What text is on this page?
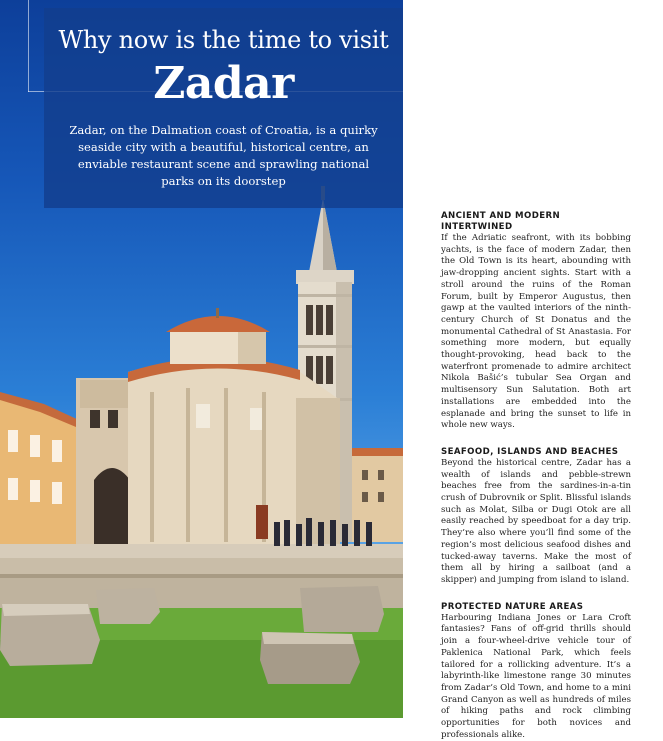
Why now is the time to visit
Zadar
Zadar, on the Dalmation coast of Croatia, is a quirky seaside city with a beautiful, historical centre, an enviable restaurant scene and sprawling national parks on its doorstep

ANCIENT AND MODERN INTERTWINED

If the Adriatic seafront, with its bobbing yachts, is the face of modern Zadar, then the Old Town is its heart, abounding with jaw-dropping ancient sights. Start with a stroll around the ruins of the Roman Forum, built by Emperor Augustus, then gawp at the vaulted interiors of the ninth-century Church of St Donatus and the monumental Cathedral of St Anastasia. For something more modern, but equally thought-provoking, head back to the waterfront promenade to admire architect Nikola Bašić’s tubular Sea Organ and multisensory Sun Salutation. Both art installations are embedded into the esplanade and bring the sunset to life in whole new ways.

SEAFOOD, ISLANDS AND BEACHES

Beyond the historical centre, Zadar has a wealth of islands and pebble-strewn beaches free from the sardines-in-a-tin crush of Dubrovnik or Split. Blissful islands such as Molat, Silba or Dugi Otok are all easily reached by speedboat for a day trip. They’re also where you’ll find some of the region’s most delicious seafood dishes and tucked-away taverns. Make the most of them all by hiring a sailboat (and a skipper) and jumping from island to island.

PROTECTED NATURE AREAS

Harbouring Indiana Jones or Lara Croft fantasies? Fans of off-grid thrills should join a four-wheel-drive vehicle tour of Paklenica National Park, which feels tailored for a rollicking adventure. It’s a labyrinth-like limestone range 30 minutes from Zadar’s Old Town, and home to a mini Grand Canyon as well as hundreds of miles of hiking paths and rock climbing opportunities for both novices and professionals alike.
